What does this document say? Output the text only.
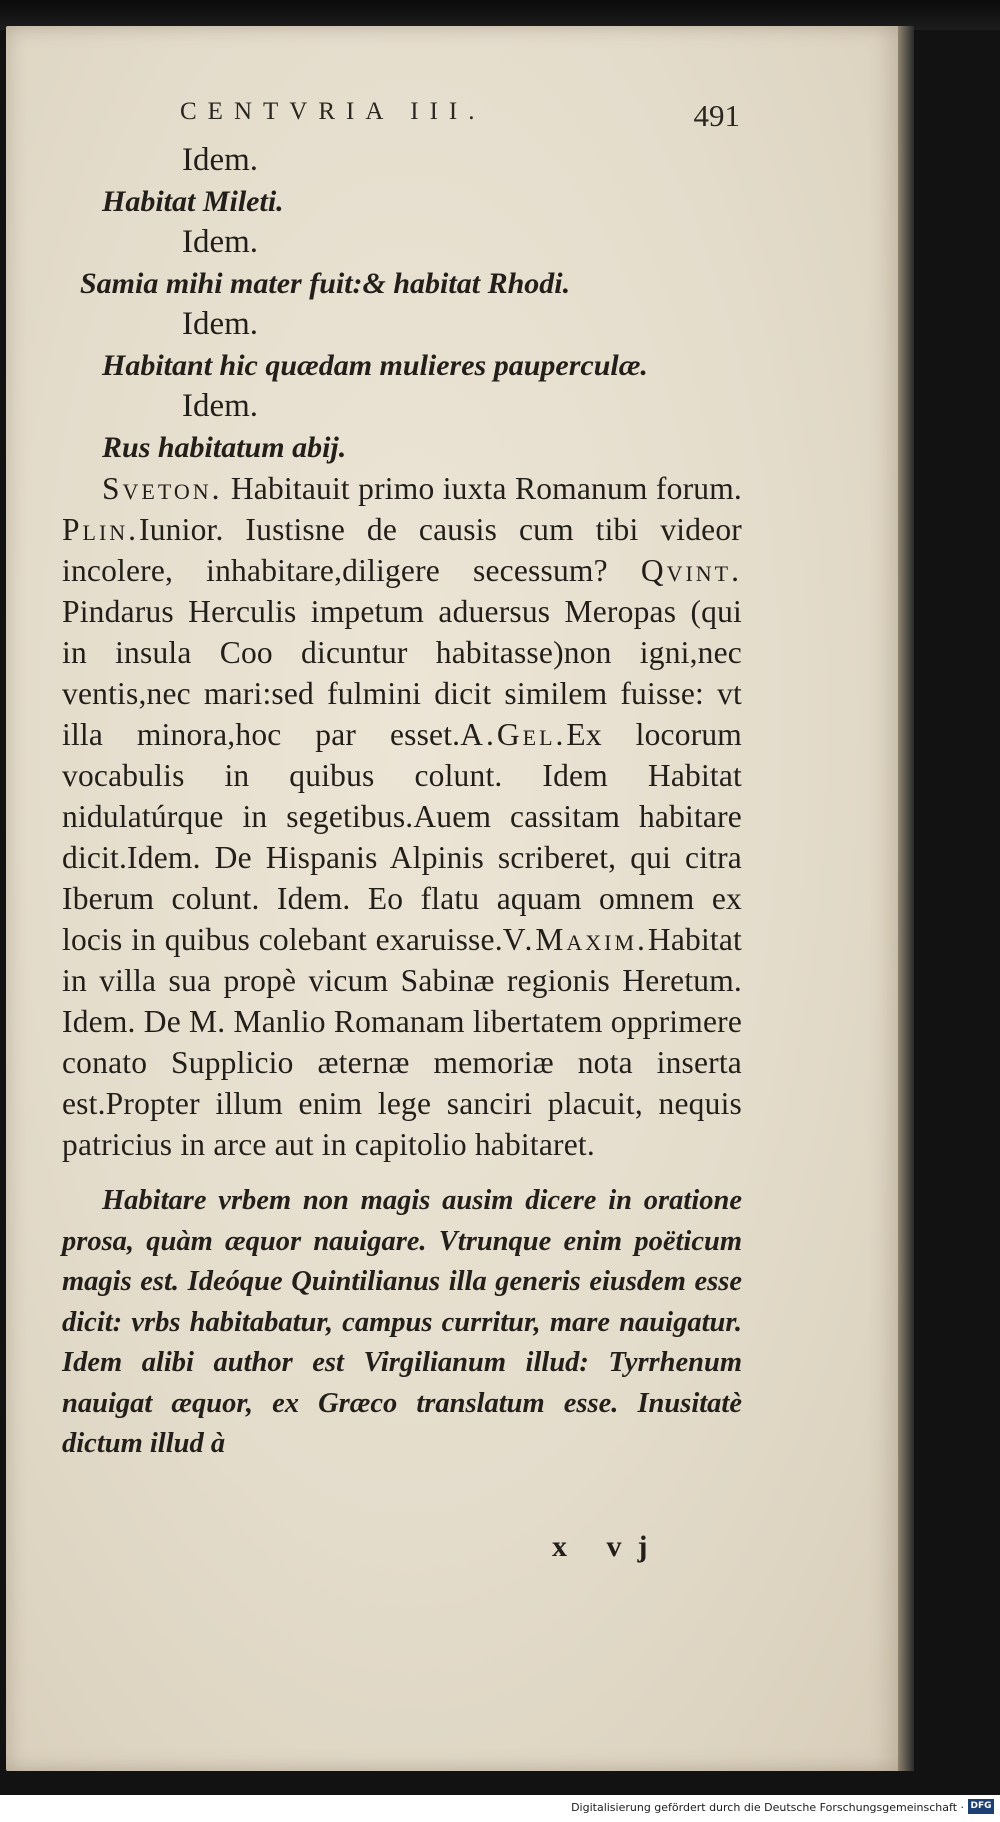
CENTVRIA III.	491
Idem.
Habitat Mileti.
Idem.
Samia mihi mater fuit:& habitat Rhodi.
Idem.
Habitant hic quædam mulieres pauperculæ.
Idem.
Rus habitatum abij.
Sveton. Habitauit primo iuxta Romanum forum. Plin.Iunior. Iustisne de causis cum tibi videor incolere, inhabitare,diligere secessum? Qvint. Pindarus Herculis impetum aduersus Meropas (qui in insula Coo dicuntur habitasse)non igni,nec ventis,nec mari:sed fulmini dicit similem fuisse: vt illa minora,hoc par esset.A.Gel.Ex locorum vocabulis in quibus colunt. Idem Habitat nidulatúrque in segetibus.Auem cassitam habitare dicit.Idem. De Hispanis Alpinis scriberet, qui citra Iberum colunt. Idem. Eo flatu aquam omnem ex locis in quibus colebant exaruisse.V.Maxim.Habitat in villa sua propè vicum Sabinæ regionis Heretum. Idem. De M. Manlio Romanam libertatem opprimere conato Supplicio æternæ memoriæ nota inserta est.Propter illum enim lege sanciri placuit, nequis patricius in arce aut in capitolio habitaret.
Habitare vrbem non magis ausim dicere in oratione prosa, quàm æquor nauigare. Vtrunque enim poëticum magis est. Ideóque Quintilianus illa generis eiusdem esse dicit: vrbs habitabatur, campus curritur, mare nauigatur. Idem alibi author est Virgilianum illud: Tyrrhenum nauigat æquor, ex Græco translatum esse. Inusitatè dictum illud à
x vj
Digitalisierung gefördert durch die Deutsche Forschungsgemeinschaft · DFG
